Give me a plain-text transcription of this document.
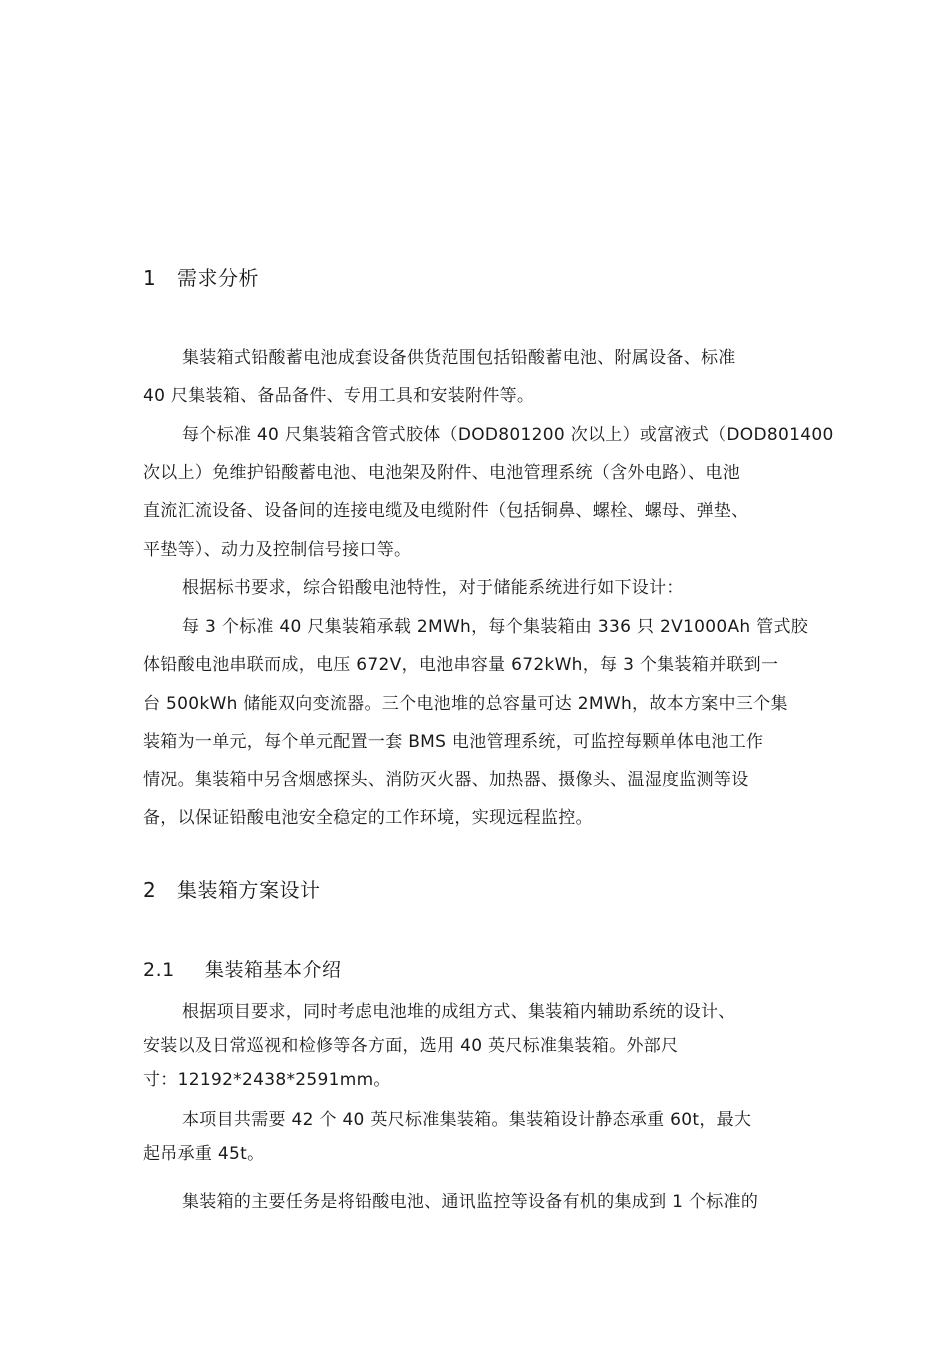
1 需求分析
集装箱式铅酸蓄电池成套设备供货范围包括铅酸蓄电池、附属设备、标准
40 尺集装箱、备品备件、专用工具和安装附件等。
每个标准 40 尺集装箱含管式胶体（DOD801200 次以上）或富液式（DOD801400
次以上）免维护铅酸蓄电池、电池架及附件、电池管理系统（含外电路）、电池
直流汇流设备、设备间的连接电缆及电缆附件（包括铜鼻、螺栓、螺母、弹垫、
平垫等）、动力及控制信号接口等。
根据标书要求，综合铅酸电池特性，对于储能系统进行如下设计：
每 3 个标准 40 尺集装箱承载 2MWh，每个集装箱由 336 只 2V1000Ah 管式胶
体铅酸电池串联而成，电压 672V，电池串容量 672kWh，每 3 个集装箱并联到一
台 500kWh 储能双向变流器。三个电池堆的总容量可达 2MWh，故本方案中三个集
装箱为一单元，每个单元配置一套 BMS 电池管理系统，可监控每颗单体电池工作
情况。集装箱中另含烟感探头、消防灭火器、加热器、摄像头、温湿度监测等设
备，以保证铅酸电池安全稳定的工作环境，实现远程监控。
2 集装箱方案设计
2.1 集装箱基本介绍
根据项目要求，同时考虑电池堆的成组方式、集装箱内辅助系统的设计、
安装以及日常巡视和检修等各方面，选用 40 英尺标准集装箱。外部尺
寸：12192*2438*2591mm。
本项目共需要 42 个 40 英尺标准集装箱。集装箱设计静态承重 60t，最大
起吊承重 45t。
集装箱的主要任务是将铅酸电池、通讯监控等设备有机的集成到 1 个标准的
